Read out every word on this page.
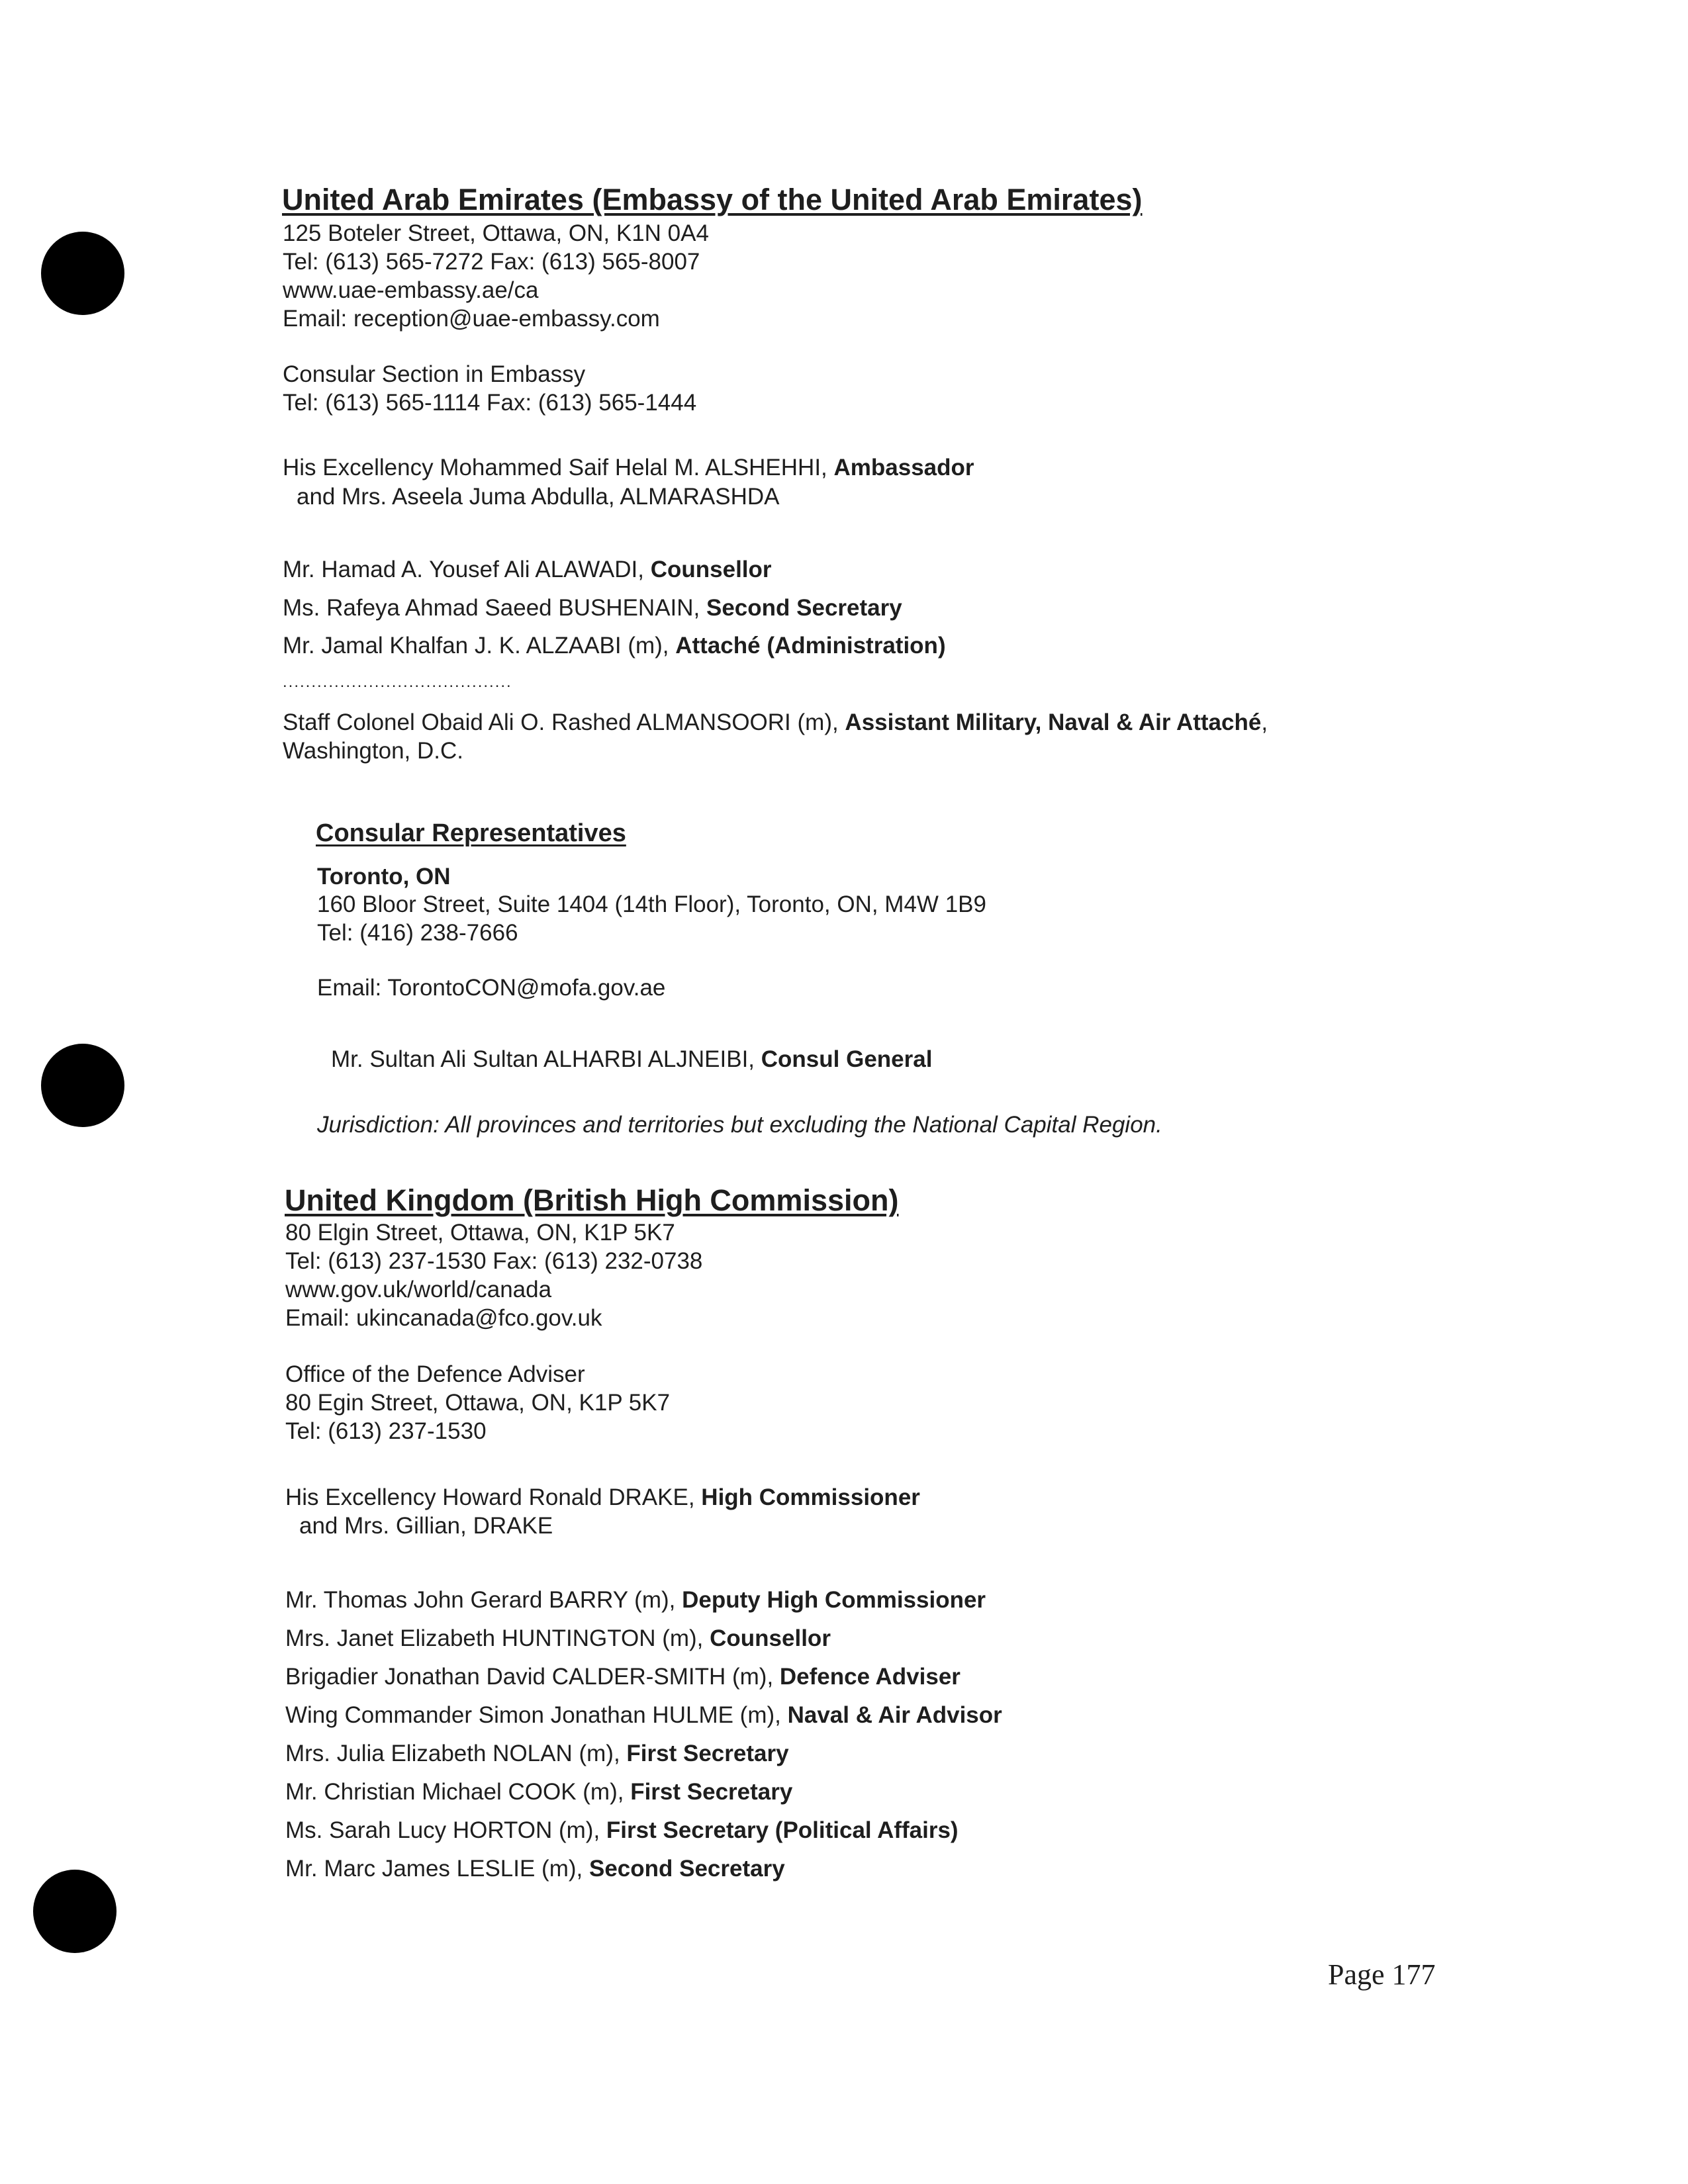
United Arab Emirates (Embassy of the United Arab Emirates)
125 Boteler Street, Ottawa, ON, K1N 0A4
Tel: (613) 565-7272 Fax: (613) 565-8007
www.uae-embassy.ae/ca
Email: reception@uae-embassy.com
Consular Section in Embassy
Tel: (613) 565-1114 Fax: (613) 565-1444
His Excellency Mohammed Saif Helal M. ALSHEHHI, Ambassador
and Mrs. Aseela Juma Abdulla, ALMARASHDA
Mr. Hamad A. Yousef Ali ALAWADI, Counsellor
Ms. Rafeya Ahmad Saeed BUSHENAIN, Second Secretary
Mr. Jamal Khalfan J. K. ALZAABI (m), Attaché (Administration)
........................................
Staff Colonel Obaid Ali O. Rashed ALMANSOORI (m), Assistant Military, Naval & Air Attaché,
Washington, D.C.
Consular Representatives
Toronto, ON
160 Bloor Street, Suite 1404 (14th Floor), Toronto, ON, M4W 1B9
Tel: (416) 238-7666
Email: TorontoCON@mofa.gov.ae
Mr. Sultan Ali Sultan ALHARBI ALJNEIBI, Consul General
Jurisdiction: All provinces and territories but excluding the National Capital Region.
United Kingdom (British High Commission)
80 Elgin Street, Ottawa, ON, K1P 5K7
Tel: (613) 237-1530 Fax: (613) 232-0738
www.gov.uk/world/canada
Email: ukincanada@fco.gov.uk
Office of the Defence Adviser
80 Egin Street, Ottawa, ON, K1P 5K7
Tel: (613) 237-1530
His Excellency Howard Ronald DRAKE, High Commissioner
and Mrs. Gillian, DRAKE
Mr. Thomas John Gerard BARRY (m), Deputy High Commissioner
Mrs. Janet Elizabeth HUNTINGTON (m), Counsellor
Brigadier Jonathan David CALDER-SMITH (m), Defence Adviser
Wing Commander Simon Jonathan HULME (m), Naval & Air Advisor
Mrs. Julia Elizabeth NOLAN (m), First Secretary
Mr. Christian Michael COOK (m), First Secretary
Ms. Sarah Lucy HORTON (m), First Secretary (Political Affairs)
Mr. Marc James LESLIE (m), Second Secretary
Page 177
